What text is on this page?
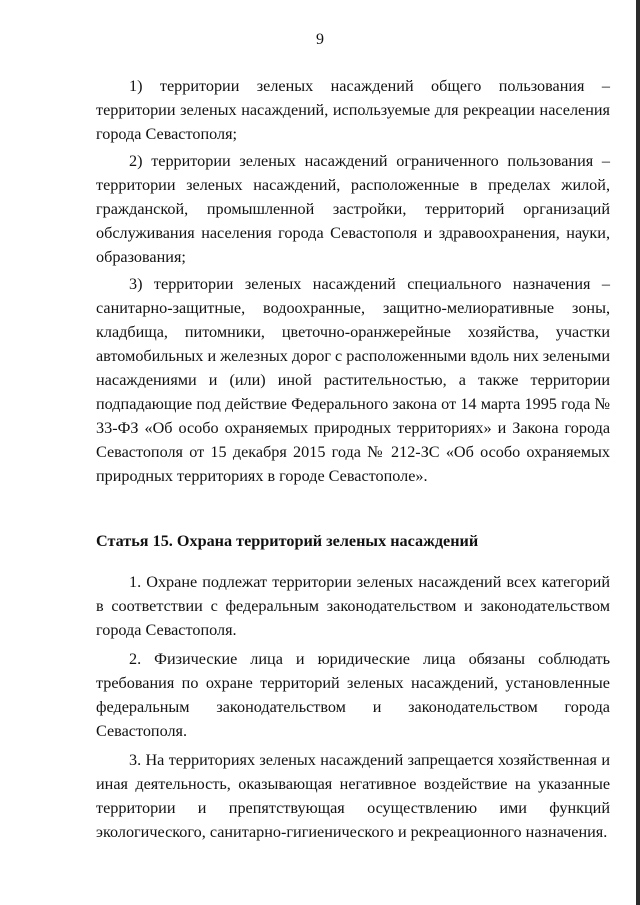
9

1) территории зеленых насаждений общего пользования – территории зеленых насаждений, используемые для рекреации населения города Севастополя;

2) территории зеленых насаждений ограниченного пользования – территории зеленых насаждений, расположенные в пределах жилой, гражданской, промышленной застройки, территорий организаций обслуживания населения города Севастополя и здравоохранения, науки, образования;

3) территории зеленых насаждений специального назначения – санитарно-защитные, водоохранные, защитно-мелиоративные зоны, кладбища, питомники, цветочно-оранжерейные хозяйства, участки автомобильных и железных дорог с расположенными вдоль них зелеными насаждениями и (или) иной растительностью, а также территории подпадающие под действие Федерального закона от 14 марта 1995 года № 33-ФЗ «Об особо охраняемых природных территориях» и Закона города Севастополя от 15 декабря 2015 года № 212-ЗС «Об особо охраняемых природных территориях в городе Севастополе».

Статья 15. Охрана территорий зеленых насаждений

1. Охране подлежат территории зеленых насаждений всех категорий в соответствии с федеральным законодательством и законодательством города Севастополя.

2. Физические лица и юридические лица обязаны соблюдать требования по охране территорий зеленых насаждений, установленные федеральным законодательством и законодательством города Севастополя.

3. На территориях зеленых насаждений запрещается хозяйственная и иная деятельность, оказывающая негативное воздействие на указанные территории и препятствующая осуществлению ими функций экологического, санитарно-гигиенического и рекреационного назначения.
